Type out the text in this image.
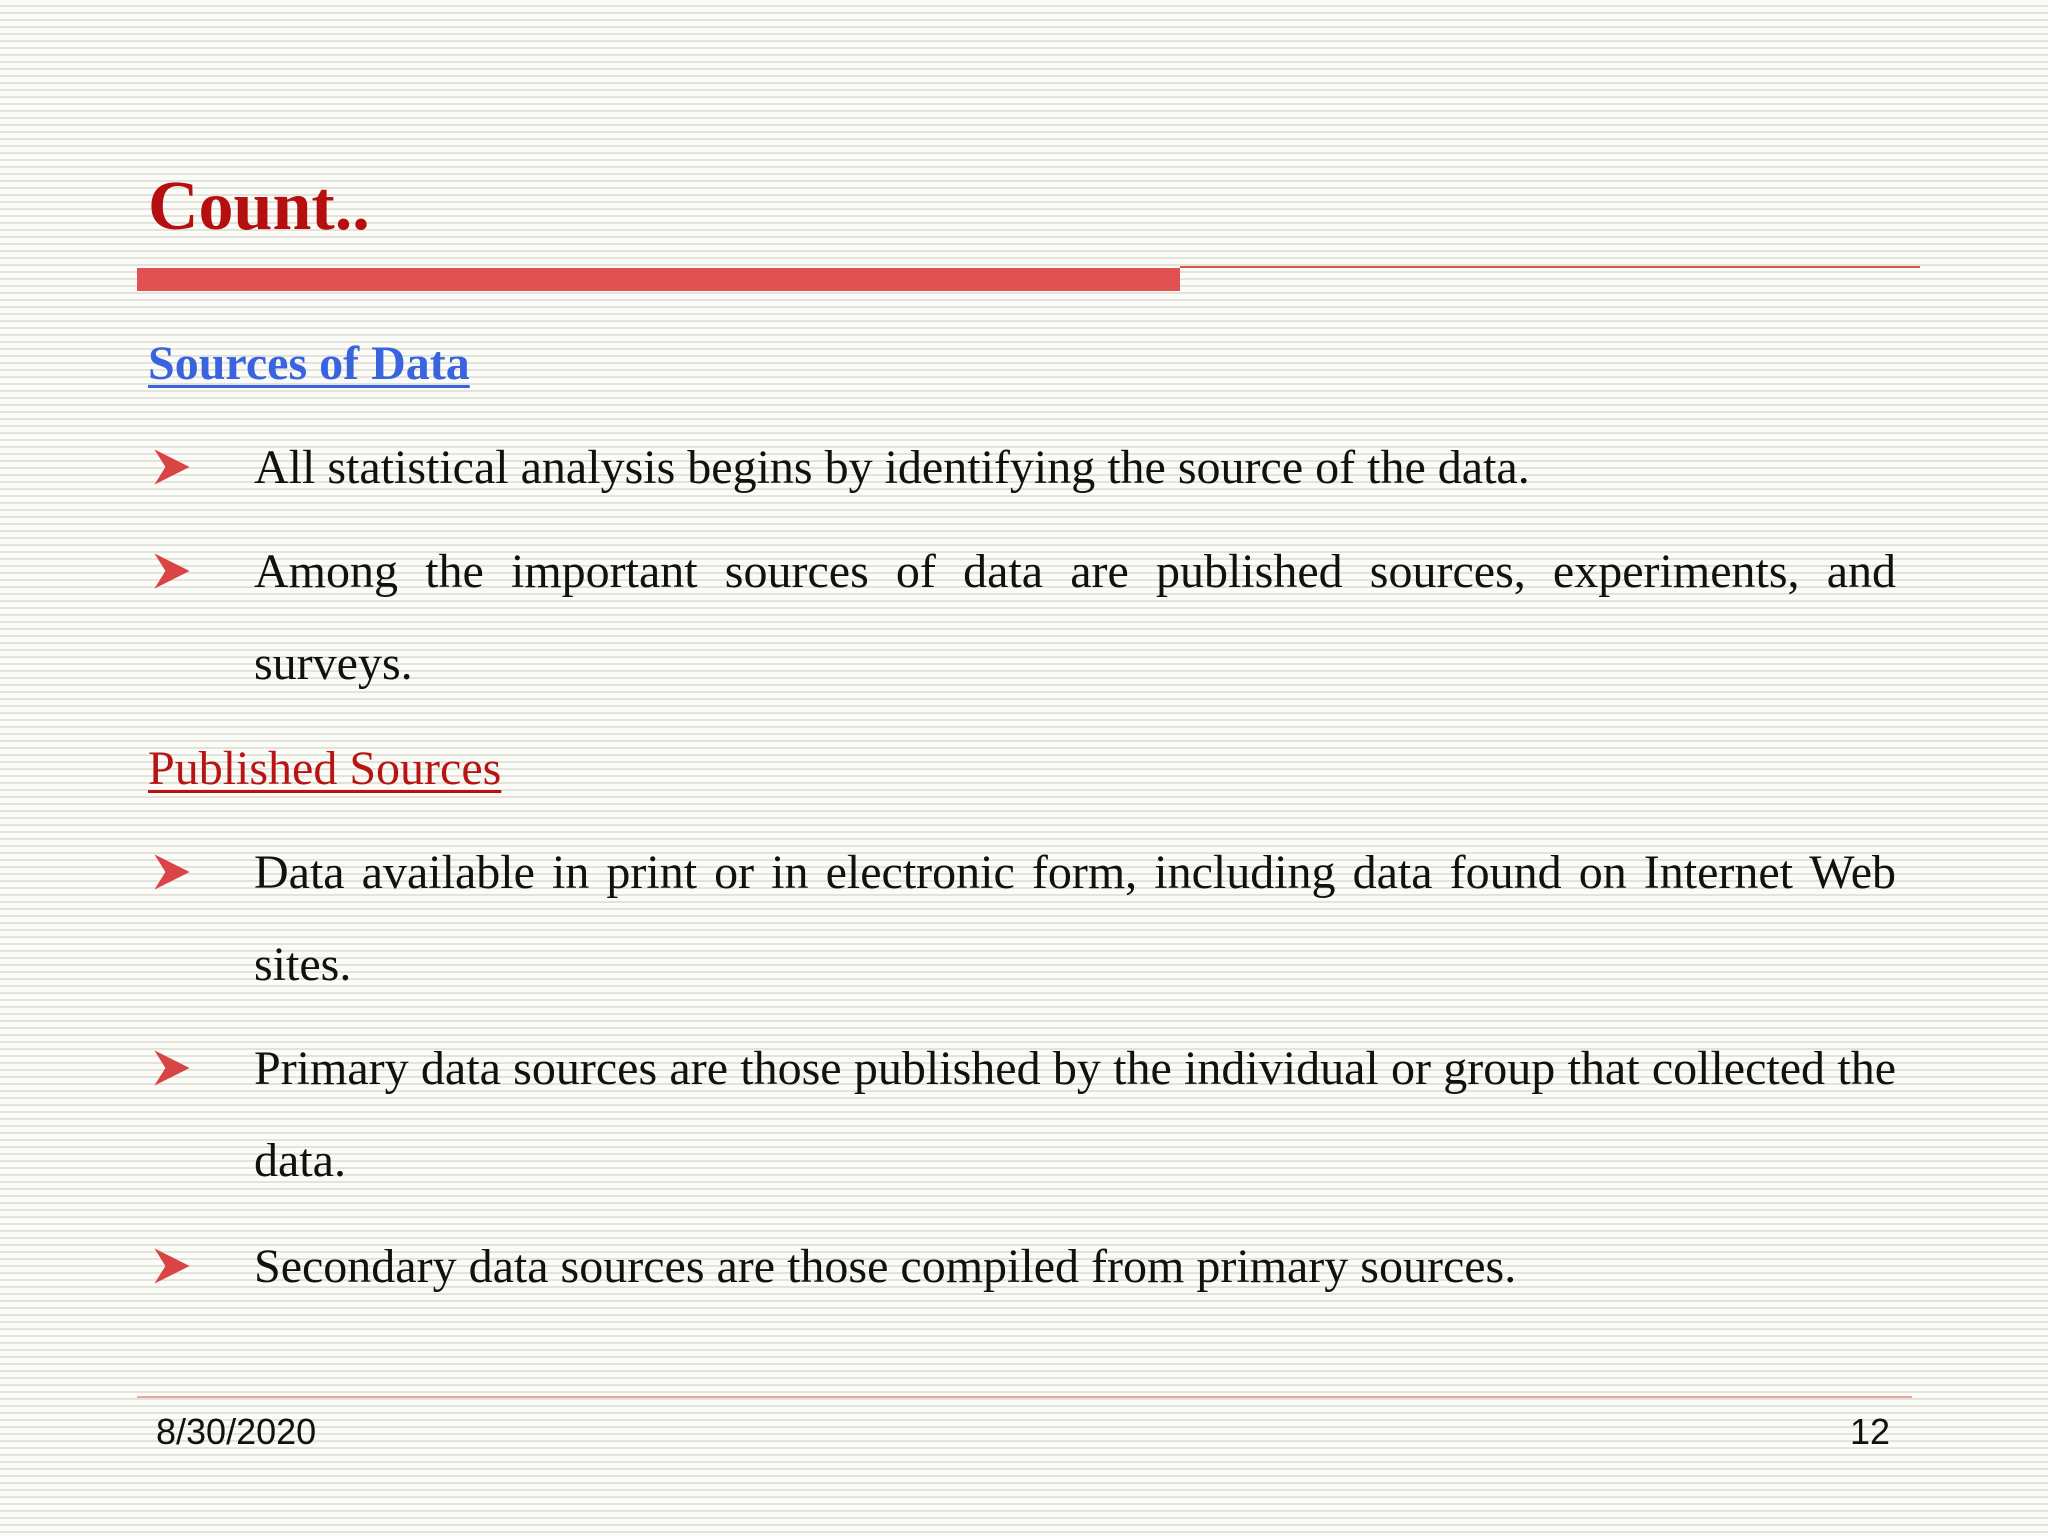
Count..
Sources of Data
All statistical analysis begins by identifying the source of the data.
Among the important sources of data are published sources, experiments, and surveys.
Published Sources
Data available in print or in electronic form, including data found on Internet Web sites.
Primary data sources are those published by the individual or group that collected the data.
Secondary data sources are those compiled from primary sources.
8/30/2020	12
